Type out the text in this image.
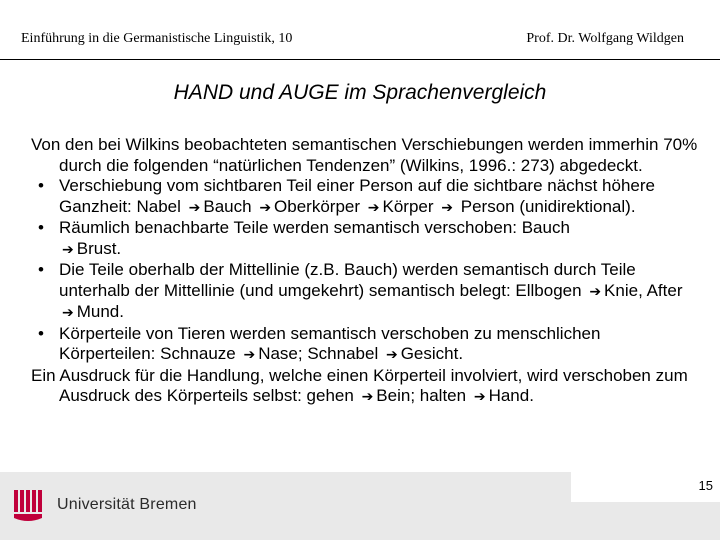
Einführung in die Germanistische Linguistik, 10	Prof. Dr. Wolfgang Wildgen
HAND und AUGE im Sprachenvergleich
Von den bei Wilkins beobachteten semantischen Verschiebungen werden immerhin 70% durch die folgenden “natürlichen Tendenzen” (Wilkins, 1996.: 273) abgedeckt.
• Verschiebung vom sichtbaren Teil einer Person auf die sichtbare nächst höhere Ganzheit: Nabel ➔ Bauch ➔ Oberkörper ➔ Körper ➔ Person (unidirektional).
• Räumlich benachbarte Teile werden semantisch verschoben: Bauch
➔ Brust.
• Die Teile oberhalb der Mittellinie (z.B. Bauch) werden semantisch durch Teile unterhalb der Mittellinie (und umgekehrt) semantisch belegt: Ellbogen ➔ Knie, After ➔ Mund.
• Körperteile von Tieren werden semantisch verschoben zu menschlichen Körperteilen: Schnauze ➔ Nase; Schnabel ➔ Gesicht.
Ein Ausdruck für die Handlung, welche einen Körperteil involviert, wird verschoben zum Ausdruck des Körperteils selbst: gehen ➔ Bein; halten ➔ Hand.
15
Universität Bremen
